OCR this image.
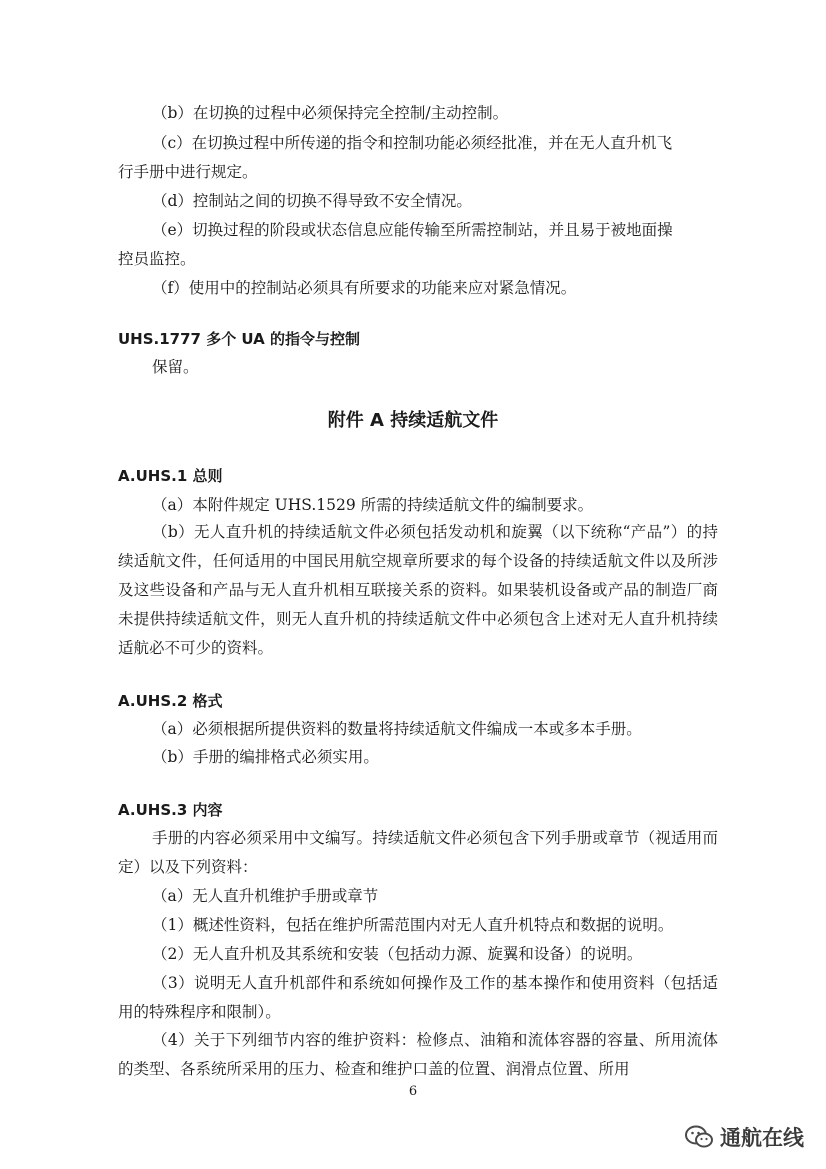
（b）在切换的过程中必须保持完全控制/主动控制。
（c）在切换过程中所传递的指令和控制功能必须经批准，并在无人直升机飞
行手册中进行规定。
（d）控制站之间的切换不得导致不安全情况。
（e）切换过程的阶段或状态信息应能传输至所需控制站，并且易于被地面操
控员监控。
（f）使用中的控制站必须具有所要求的功能来应对紧急情况。
UHS.1777 多个 UA 的指令与控制
保留。
附件 A 持续适航文件
A.UHS.1 总则
（a）本附件规定 UHS.1529 所需的持续适航文件的编制要求。
（b）无人直升机的持续适航文件必须包括发动机和旋翼（以下统称“产品”）的持续适航文件，任何适用的中国民用航空规章所要求的每个设备的持续适航文件以及所涉及这些设备和产品与无人直升机相互联接关系的资料。如果装机设备或产品的制造厂商未提供持续适航文件，则无人直升机的持续适航文件中必须包含上述对无人直升机持续适航必不可少的资料。
A.UHS.2 格式
（a）必须根据所提供资料的数量将持续适航文件编成一本或多本手册。
（b）手册的编排格式必须实用。
A.UHS.3 内容
手册的内容必须采用中文编写。持续适航文件必须包含下列手册或章节（视适用而定）以及下列资料：
（a）无人直升机维护手册或章节
（1）概述性资料，包括在维护所需范围内对无人直升机特点和数据的说明。
（2）无人直升机及其系统和安装（包括动力源、旋翼和设备）的说明。
（3）说明无人直升机部件和系统如何操作及工作的基本操作和使用资料（包括适用的特殊程序和限制）。
（4）关于下列细节内容的维护资料：检修点、油箱和流体容器的容量、所用流体的类型、各系统所采用的压力、检查和维护口盖的位置、润滑点位置、所用
6
通航在线
